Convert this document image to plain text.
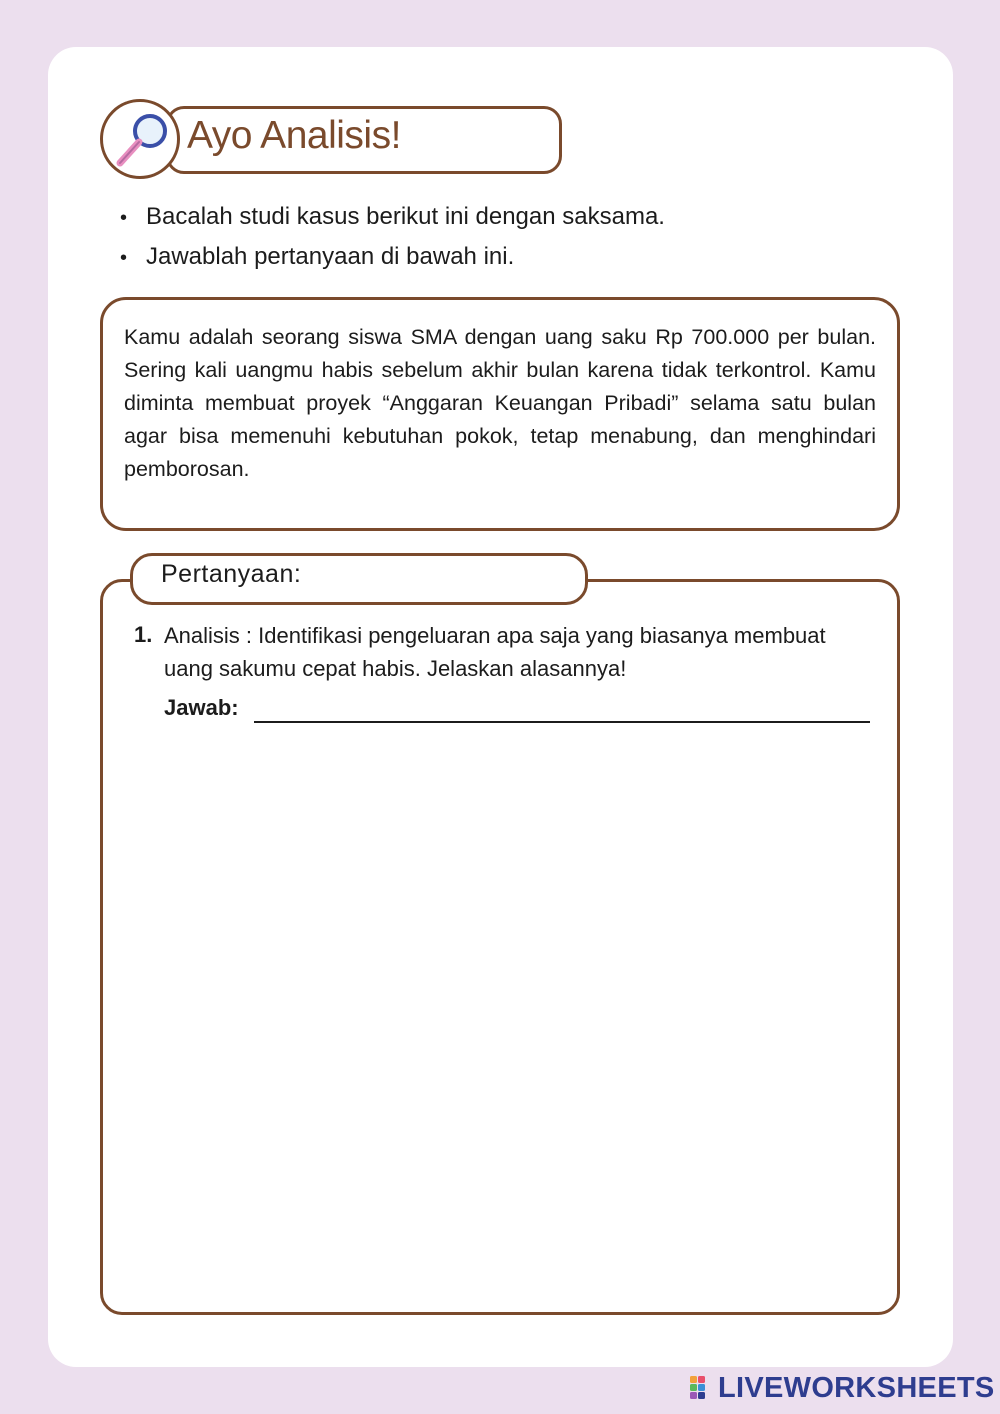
Ayo Analisis!
• Bacalah studi kasus berikut ini dengan saksama.
• Jawablah pertanyaan di bawah ini.
Kamu adalah seorang siswa SMA dengan uang saku Rp 700.000 per bulan. Sering kali uangmu habis sebelum akhir bulan karena tidak terkontrol. Kamu diminta membuat proyek “Anggaran Keuangan Pribadi” selama satu bulan agar bisa memenuhi kebutuhan pokok, tetap menabung, dan menghindari pemborosan.
Pertanyaan:
1. Analisis : Identifikasi pengeluaran apa saja yang biasanya membuat uang sakumu cepat habis. Jelaskan alasannya!
Jawab:
LIVEWORKSHEETS
